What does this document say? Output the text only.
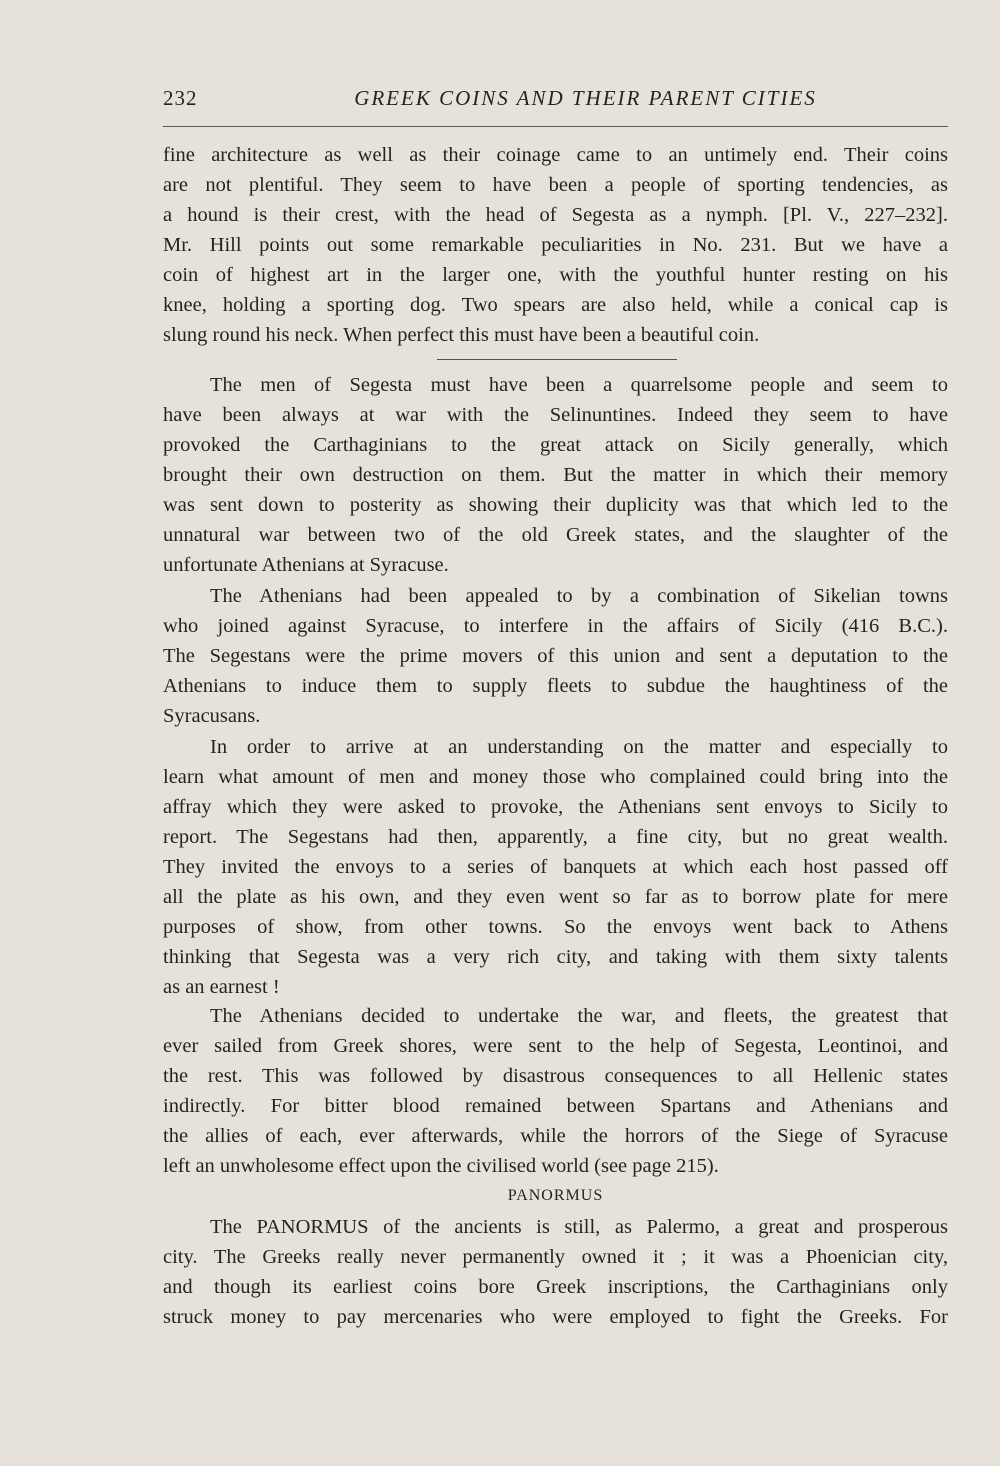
232	GREEK COINS AND THEIR PARENT CITIES
fine architecture as well as their coinage came to an untimely end. Their coins
are not plentiful. They seem to have been a people of sporting tendencies, as
a hound is their crest, with the head of Segesta as a nymph. [Pl. V., 227–232].
Mr. Hill points out some remarkable peculiarities in No. 231. But we have a
coin of highest art in the larger one, with the youthful hunter resting on his
knee, holding a sporting dog. Two spears are also held, while a conical cap is
slung round his neck. When perfect this must have been a beautiful coin.
The men of Segesta must have been a quarrelsome people and seem to
have been always at war with the Selinuntines. Indeed they seem to have
provoked the Carthaginians to the great attack on Sicily generally, which
brought their own destruction on them. But the matter in which their memory
was sent down to posterity as showing their duplicity was that which led to the
unnatural war between two of the old Greek states, and the slaughter of the
unfortunate Athenians at Syracuse.
The Athenians had been appealed to by a combination of Sikelian towns
who joined against Syracuse, to interfere in the affairs of Sicily (416 B.C.).
The Segestans were the prime movers of this union and sent a deputation to the
Athenians to induce them to supply fleets to subdue the haughtiness of the
Syracusans.
In order to arrive at an understanding on the matter and especially to
learn what amount of men and money those who complained could bring into the
affray which they were asked to provoke, the Athenians sent envoys to Sicily to
report. The Segestans had then, apparently, a fine city, but no great wealth.
They invited the envoys to a series of banquets at which each host passed off
all the plate as his own, and they even went so far as to borrow plate for mere
purposes of show, from other towns. So the envoys went back to Athens
thinking that Segesta was a very rich city, and taking with them sixty talents
as an earnest !
The Athenians decided to undertake the war, and fleets, the greatest that
ever sailed from Greek shores, were sent to the help of Segesta, Leontinoi, and
the rest. This was followed by disastrous consequences to all Hellenic states
indirectly. For bitter blood remained between Spartans and Athenians and
the allies of each, ever afterwards, while the horrors of the Siege of Syracuse
left an unwholesome effect upon the civilised world (see page 215).
PANORMUS
The PANORMUS of the ancients is still, as Palermo, a great and prosperous
city. The Greeks really never permanently owned it ; it was a Phoenician city,
and though its earliest coins bore Greek inscriptions, the Carthaginians only
struck money to pay mercenaries who were employed to fight the Greeks. For
